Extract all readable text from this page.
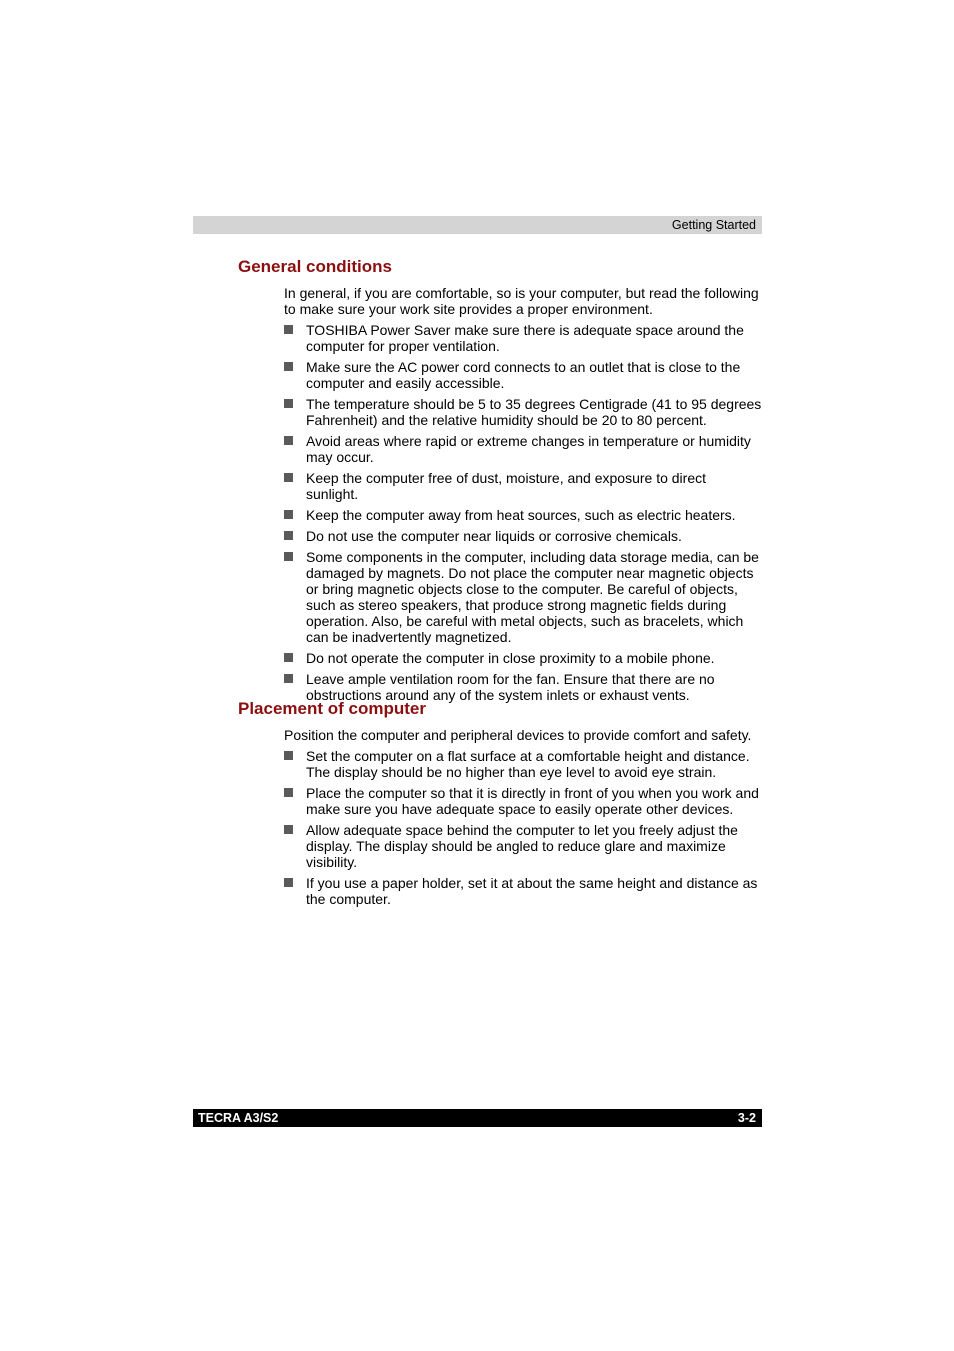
Getting Started
General conditions

In general, if you are comfortable, so is your computer, but read the following to make sure your work site provides a proper environment.

TOSHIBA Power Saver make sure there is adequate space around the computer for proper ventilation.
Make sure the AC power cord connects to an outlet that is close to the computer and easily accessible.
The temperature should be 5 to 35 degrees Centigrade (41 to 95 degrees Fahrenheit) and the relative humidity should be 20 to 80 percent.
Avoid areas where rapid or extreme changes in temperature or humidity may occur.
Keep the computer free of dust, moisture, and exposure to direct sunlight.
Keep the computer away from heat sources, such as electric heaters.
Do not use the computer near liquids or corrosive chemicals.
Some components in the computer, including data storage media, can be damaged by magnets. Do not place the computer near magnetic objects or bring magnetic objects close to the computer. Be careful of objects, such as stereo speakers, that produce strong magnetic fields during operation. Also, be careful with metal objects, such as bracelets, which can be inadvertently magnetized.
Do not operate the computer in close proximity to a mobile phone.
Leave ample ventilation room for the fan. Ensure that there are no obstructions around any of the system inlets or exhaust vents.
Placement of computer

Position the computer and peripheral devices to provide comfort and safety.

Set the computer on a flat surface at a comfortable height and distance. The display should be no higher than eye level to avoid eye strain.
Place the computer so that it is directly in front of you when you work and make sure you have adequate space to easily operate other devices.
Allow adequate space behind the computer to let you freely adjust the display. The display should be angled to reduce glare and maximize visibility.
If you use a paper holder, set it at about the same height and distance as the computer.
TECRA A3/S2	3-2
